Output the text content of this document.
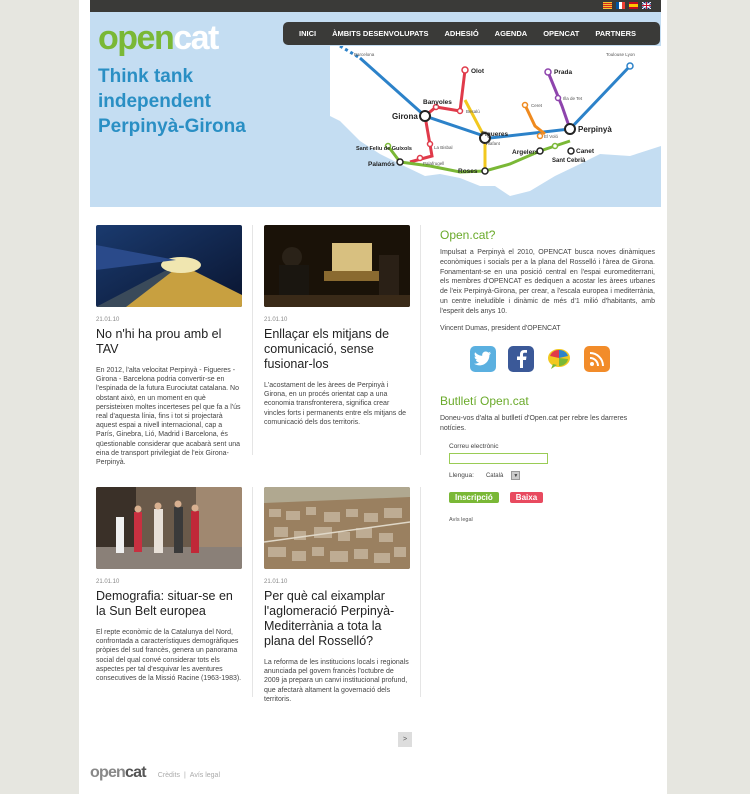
opencat
Think tank independent Perpinyà-Girona
INICI ÀMBITS DESENVOLUPATS ADHESIÓ AGENDA OPENCAT PARTNERS
Barcelona
Olot	Prada
Toulouse Lyon
Banyoles
Besalú
Illa de Tet
Ceret
Girona
Figueres
Vilafant
El Voló
Perpinyà
La Bisbal
Argelers	Canet
Sant Feliu de Guíxols
Palafrugell
Palamós
Roses
Sant Cebrià
21.01.10
No n'hi ha prou amb el TAV

En 2012, l'alta velocitat Perpinyà - Figueres - Girona - Barcelona podria convertir-se en l'espinada de la futura Eurociutat catalana. No obstant això, en un moment en què persisteixen moltes incerteses pel que fa a l'ús real d'aquesta línia, fins i tot si projectarà aquest espai a nivell internacional, cap a París, Ginebra, Lió, Madrid i Barcelona, és qüestionable considerar que acabarà sent una eina de transport privilegiat de l'eix Girona-Perpinyà.

21.01.10
Enllaçar els mitjans de comunicació, sense fusionar-los

L'acostament de les àrees de Perpinyà i Girona, en un procés orientat cap a una economia transfronterera, significa crear vincles forts i permanents entre els mitjans de comunicació dels dos territoris.

21.01.10
Demografia: situar-se en la Sun Belt europea

El repte econòmic de la Catalunya del Nord, confrontada a característiques demogràfiques pròpies del sud francès, genera un panorama social del qual convé considerar tots els aspectes per tal d'esquivar les aventures consecutives de la Missió Racine (1963-1983).

21.01.10
Per què cal eixamplar l'aglomeració Perpinyà-Mediterrània a tota la plana del Rosselló?

La reforma de les institucions locals i regionals anunciada pel govern francès l'octubre de 2009 ja prepara un canvi institucional profund, que afectarà altament la governació dels territoris.

Open.cat?
Impulsat a Perpinyà el 2010, OPENCAT busca noves dinàmiques econòmiques i socials per a la plana del Rosselló i l'àrea de Girona. Fonamentant-se en una posició central en l'espai euromediterrani, els membres d'OPENCAT es dediquen a acostar les àrees urbanes de l'eix Perpinyà-Girona, per crear, a l'escala europea i mediterrània, un centre ineludible i dinàmic de més d'1 milió d'habitants, amb l'esperit dels anys 10.
Vincent Dumas, president d'OPENCAT
Butlletí Open.cat
Doneu-vos d'alta al butlletí d'Open.cat per rebre les darreres notícies.
Correu electrònic
Llengua: Català	▼
Inscripció	Baixa
Avís legal
>
opencat Crèdits | Avís legal
